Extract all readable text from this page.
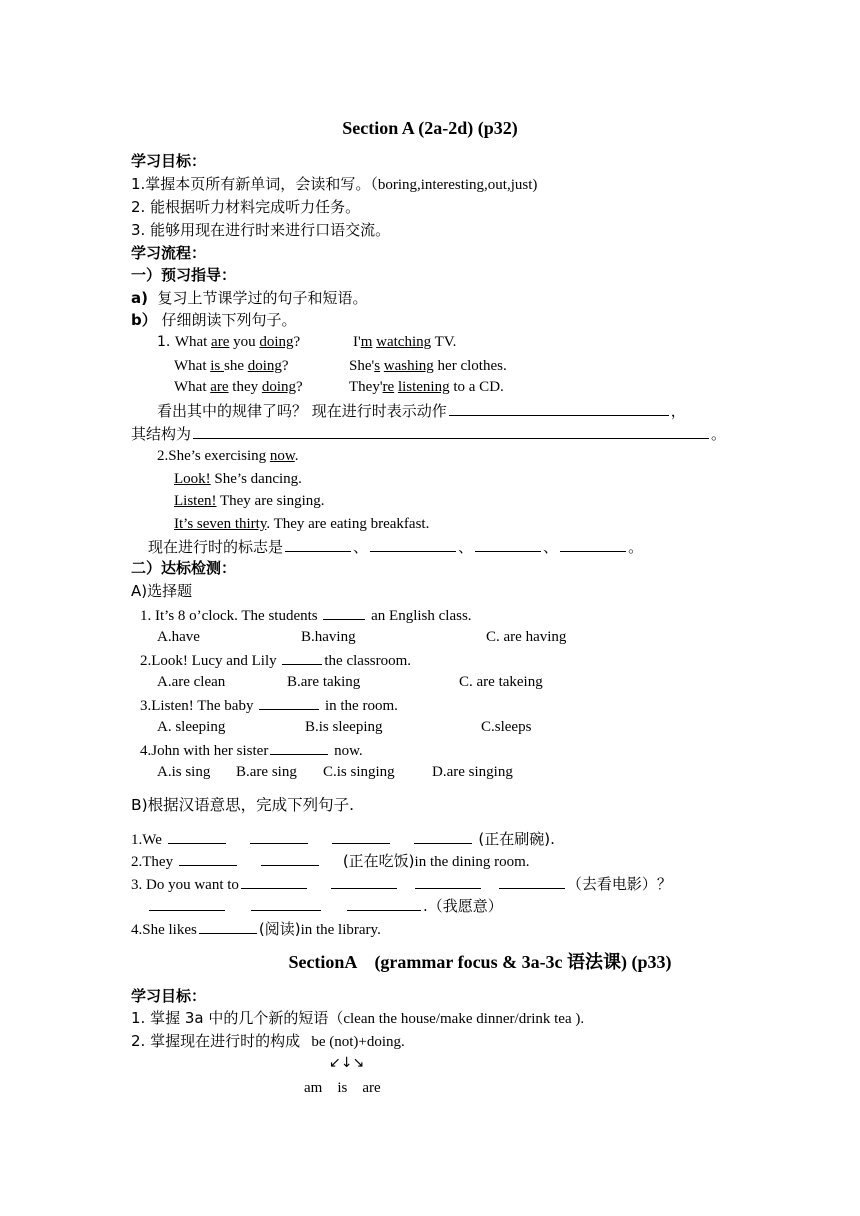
Section A (2a-2d) (p32)
学习目标：
1.掌握本页所有新单词，会读和写。（boring,interesting,out,just)
2. 能根据听力材料完成听力任务。
3. 能够用现在进行时来进行口语交流。
学习流程：
一）预习指导：
a) 复习上节课学过的句子和短语。
b） 仔细朗读下列句子。
1. What are you doing?	I'm watching TV.
What is she doing?	She's washing her clothes.
What are they doing?	They're listening to a CD.
看出其中的规律了吗？ 现在进行时表示动作	，
其结构为	。
2.She’s exercising now.
Look! She’s dancing.
Listen! They are singing.
It’s seven thirty. They are eating breakfast.
现在进行时的标志是	、	、	、	。
二）达标检测：
A)选择题
1. It’s 8 o’clock. The students	an English class.
A.have	B.having	C. are having
2.Look! Lucy and Lily	the classroom.
A.are clean	B.are taking	C. are takeing
3.Listen! The baby	in the room.
A. sleeping	B.is sleeping	C.sleeps
4.John with her sister	now.
A.is sing B.are sing C.is singing D.are singing
B)根据汉语意思，完成下列句子.
1.We	(正在刷碗).
2.They	(正在吃饭)in the dining room.
3. Do you want to	（去看电影）？
.（我愿意）
4.She likes	(阅读)in the library.
SectionA　(grammar focus & 3a-3c 语法课) (p33)
学习目标：
1. 掌握 3a 中的几个新的短语（clean the house/make dinner/drink tea ).
2. 掌握现在进行时的构成 be (not)+doing.
↙↓↘
am　is　are
